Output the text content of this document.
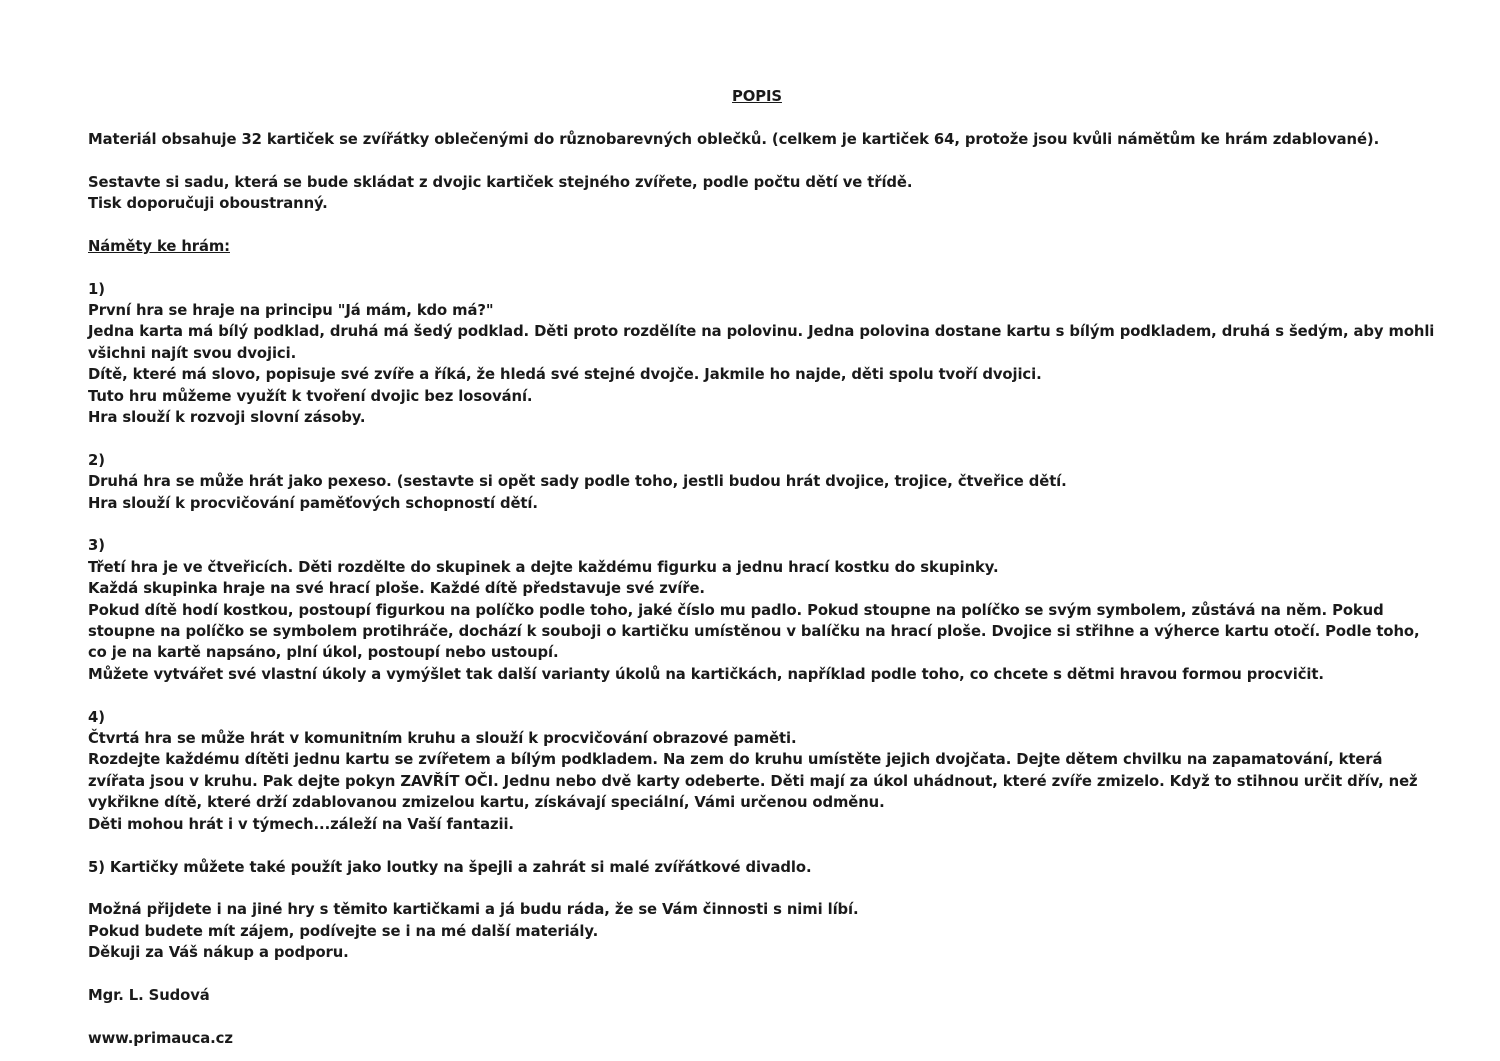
POPIS
Materiál obsahuje 32 kartiček se zvířátky oblečenými do různobarevných oblečků. (celkem je kartiček 64, protože jsou kvůli námětům ke hrám zdablované).
Sestavte si sadu, která se bude skládat z dvojic kartiček stejného zvířete, podle počtu dětí ve třídě.
Tisk doporučuji oboustranný.
Náměty ke hrám:
1)
První hra se hraje na principu "Já mám, kdo má?"
Jedna karta má bílý podklad, druhá má šedý podklad. Děti proto rozdělíte na polovinu. Jedna polovina dostane kartu s bílým podkladem, druhá s šedým, aby mohli
všichni najít svou dvojici.
Dítě, které má slovo, popisuje své zvíře a říká, že hledá své stejné dvojče. Jakmile ho najde, děti spolu tvoří dvojici.
Tuto hru můžeme využít k tvoření dvojic bez losování.
Hra slouží k rozvoji slovní zásoby.
2)
Druhá hra se může hrát jako pexeso. (sestavte si opět sady podle toho, jestli budou hrát dvojice, trojice, čtveřice dětí.
Hra slouží k procvičování paměťových schopností dětí.
3)
Třetí hra je ve čtveřicích. Děti rozdělte do skupinek a dejte každému figurku a jednu hrací kostku do skupinky.
Každá skupinka hraje na své hrací ploše. Každé dítě představuje své zvíře.
Pokud dítě hodí kostkou, postoupí figurkou na políčko podle toho, jaké číslo mu padlo. Pokud stoupne na políčko se svým symbolem, zůstává na něm. Pokud
stoupne na políčko se symbolem protihráče, dochází k souboji o kartičku umístěnou v balíčku na hrací ploše. Dvojice si střihne a výherce kartu otočí. Podle toho,
co je na kartě napsáno, plní úkol, postoupí nebo ustoupí.
Můžete vytvářet své vlastní úkoly a vymýšlet tak další varianty úkolů na kartičkách, například podle toho, co chcete s dětmi hravou formou procvičit.
4)
Čtvrtá hra se může hrát v komunitním kruhu a slouží k procvičování obrazové paměti.
Rozdejte každému dítěti jednu kartu se zvířetem a bílým podkladem. Na zem do kruhu umístěte jejich dvojčata. Dejte dětem chvilku na zapamatování, která
zvířata jsou v kruhu. Pak dejte pokyn ZAVŘÍT OČI. Jednu nebo dvě karty odeberte. Děti mají za úkol uhádnout, které zvíře zmizelo. Když to stihnou určit dřív, než
vykřikne dítě, které drží zdablovanou zmizelou kartu, získávají speciální, Vámi určenou odměnu.
Děti mohou hrát i v týmech...záleží na Vaší fantazii.
5) Kartičky můžete také použít jako loutky na špejli a zahrát si malé zvířátkové divadlo.
Možná přijdete i na jiné hry s těmito kartičkami a já budu ráda, že se Vám činnosti s nimi líbí.
Pokud budete mít zájem, podívejte se i na mé další materiály.
Děkuji za Váš nákup a podporu.
Mgr. L. Sudová
www.primauca.cz
